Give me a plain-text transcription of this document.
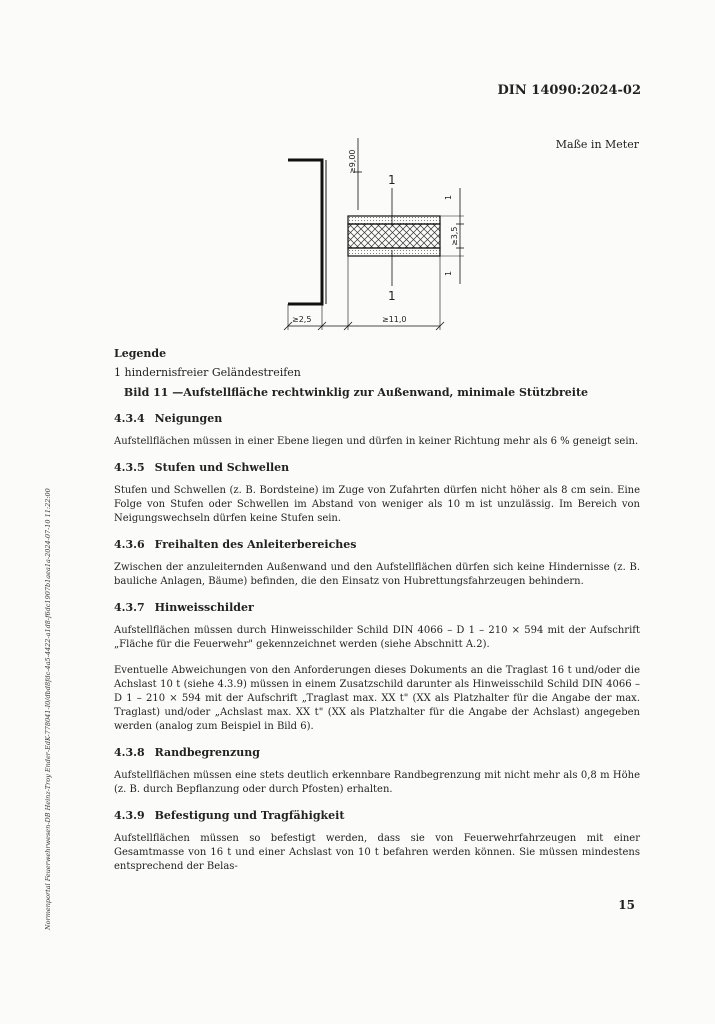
DIN 14090:2024-02
Maße in Meter
≥9,00
1
1
≥3,5
1
1
≥2,5	≥11,0
Legende
1 hindernisfreier Geländestreifen
Bild 11 —Aufstellfläche rechtwinklig zur Außenwand, minimale Stützbreite
4.3.4 Neigungen

Aufstellflächen müssen in einer Ebene liegen und dürfen in keiner Richtung mehr als 6 % geneigt sein.

4.3.5 Stufen und Schwellen

Stufen und Schwellen (z. B. Bordsteine) im Zuge von Zufahrten dürfen nicht höher als 8 cm sein. Eine Folge von Stufen oder Schwellen im Abstand von weniger als 10 m ist unzulässig. Im Bereich von Neigungswechseln dürfen keine Stufen sein.

4.3.6 Freihalten des Anleiterbereiches

Zwischen der anzuleiternden Außenwand und den Aufstellflächen dürfen sich keine Hindernisse (z. B. bauliche Anlagen, Bäume) befinden, die den Einsatz von Hubrettungsfahrzeugen behindern.

4.3.7 Hinweisschilder

Aufstellflächen müssen durch Hinweisschilder Schild DIN 4066 – D 1 – 210 × 594 mit der Aufschrift „Fläche für die Feuerwehr" gekennzeichnet werden (siehe Abschnitt A.2).

Eventuelle Abweichungen von den Anforderungen dieses Dokuments an die Traglast 16 t und/oder die Achslast 10 t (siehe 4.3.9) müssen in einem Zusatzschild darunter als Hinweisschild Schild DIN 4066 – D 1 – 210 × 594 mit der Aufschrift „Traglast max. XX t" (XX als Platzhalter für die Angabe der max. Traglast) und/oder „Achslast max. XX t" (XX als Platzhalter für die Angabe der Achslast) angegeben werden (analog zum Beispiel in Bild 6).

4.3.8 Randbegrenzung

Aufstellflächen müssen eine stets deutlich erkennbare Randbegrenzung mit nicht mehr als 0,8 m Höhe (z. B. durch Bepflanzung oder durch Pfosten) erhalten.

4.3.9 Befestigung und Tragfähigkeit

Aufstellflächen müssen so befestigt werden, dass sie von Feuerwehrfahrzeugen mit einer Gesamtmasse von 16 t und einer Achslast von 10 t befahren werden können. Sie müssen mindestens entsprechend der Belas-

15
Normenportal Feuerwehrwesen-DB Heinz-Troy Ender-EdK-778041-I0/dbd8fdc-4a5-4422-a1d8-f6dc1907b1aea1a-2024-07-10 11:22:00
